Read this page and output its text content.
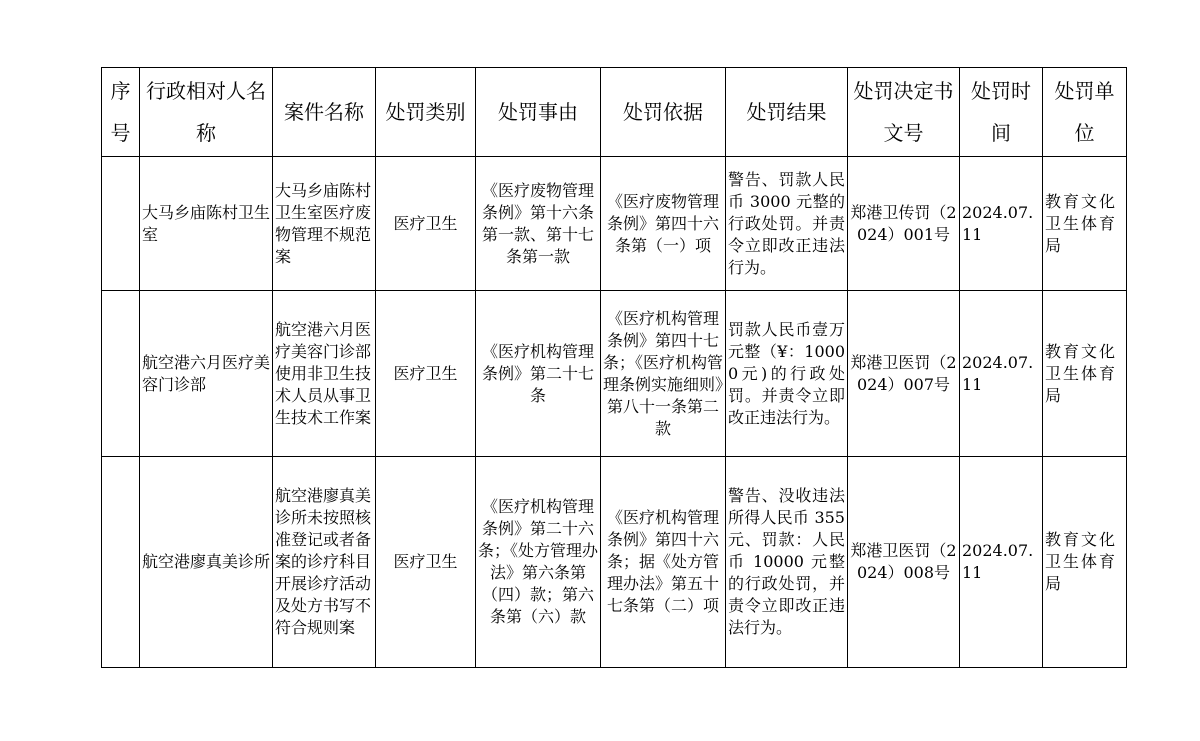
序号	行政相对人名称	案件名称	处罚类别	处罚事由	处罚依据	处罚结果	处罚决定书文号	处罚时间	处罚单位
	大马乡庙陈村卫生室	大马乡庙陈村卫生室医疗废物管理不规范案	医疗卫生	《医疗废物管理条例》第十六条第一款、第十七条第一款	《医疗废物管理条例》第四十六条第（一）项	警告、罚款人民币 3000 元整的行政处罚。并责令立即改正违法行为。	郑港卫传罚（2024）001号	2024.07.11	教育文化卫生体育局
	航空港六月医疗美容门诊部	航空港六月医疗美容门诊部使用非卫生技术人员从事卫生技术工作案	医疗卫生	《医疗机构管理条例》第二十七条	《医疗机构管理条例》第四十七条；《医疗机构管理条例实施细则》第八十一条第二款	罚款人民币壹万元整（¥：10000元)的行政处罚。并责令立即改正违法行为。	郑港卫医罚（2024）007号	2024.07.11	教育文化卫生体育局
	航空港廖真美诊所	航空港廖真美诊所未按照核准登记或者备案的诊疗科目开展诊疗活动及处方书写不符合规则案	医疗卫生	《医疗机构管理条例》第二十六条；《处方管理办法》第六条第（四）款；第六条第（六）款	《医疗机构管理条例》第四十六条；据《处方管理办法》第五十七条第（二）项	警告、没收违法所得人民币 355 元、罚款：人民币 10000 元整的行政处罚，并责令立即改正违法行为。	郑港卫医罚（2024）008号	2024.07.11	教育文化卫生体育局
